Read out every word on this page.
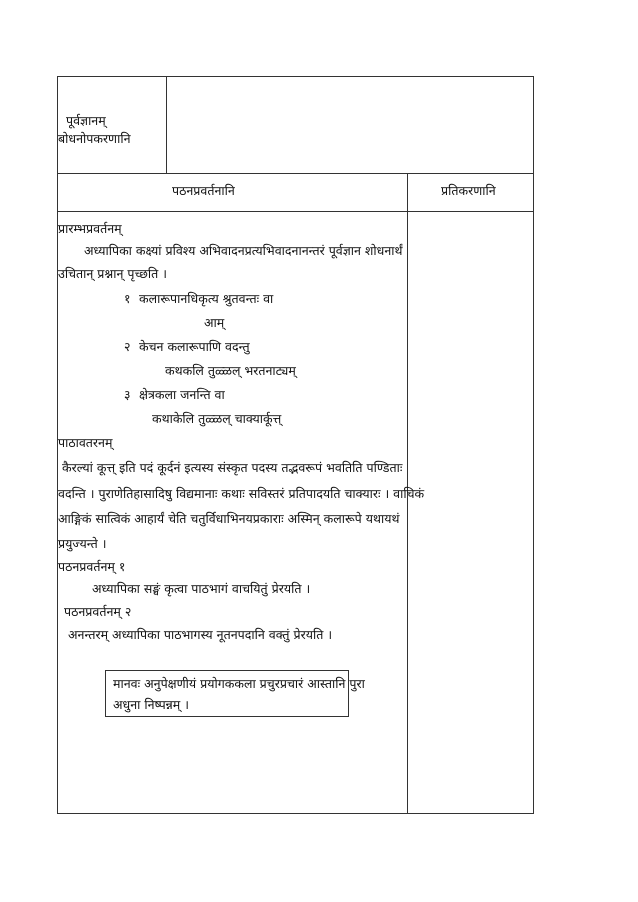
पूर्वज्ञानम्
बोधनोपकरणानि
पठनप्रवर्तनानि	प्रतिकरणानि
प्रारम्भप्रवर्तनम्
अध्यापिका कक्ष्यां प्रविश्य अभिवादनप्रत्यभिवादनानन्तरं पूर्वज्ञान शोधनार्थं
उचितान् प्रश्नान् पृच्छति ।
१ कलारूपानधिकृत्य श्रुतवन्तः वा
आम्
२ केचन कलारूपाणि वदन्तु
कथकलि तुळ्ळल् भरतनाट्यम्
३ क्षेत्रकला जनन्ति वा
कथाकेलि तुळ्ळल् चाक्यार्कूत्त्
पाठावतरनम्
कैरल्यां कूत्त् इति पदं कूर्दनं इत्यस्य संस्कृत पदस्य तद्भवरूपं भवतिति पण्डिताः
वदन्ति । पुराणेतिहासादिषु विद्यमानाः कथाः सविस्तरं प्रतिपादयति चाक्यारः । वाचिकं
आङ्गिकं सात्विकं आहार्यं चेति चतुर्विधाभिनयप्रकाराः अस्मिन् कलारूपे यथायथं
प्रयुज्यन्ते ।
पठनप्रवर्तनम् १
अध्यापिका सङ्घं कृत्वा पाठभागं वाचयितुं प्रेरयति ।
पठनप्रवर्तनम् २
अनन्तरम् अध्यापिका पाठभागस्य नूतनपदानि वक्तुं प्रेरयति ।
मानवः अनुपेक्षणीयं प्रयोगककला प्रचुरप्रचारं आस्तानि पुरा
अधुना निष्पन्नम् ।
